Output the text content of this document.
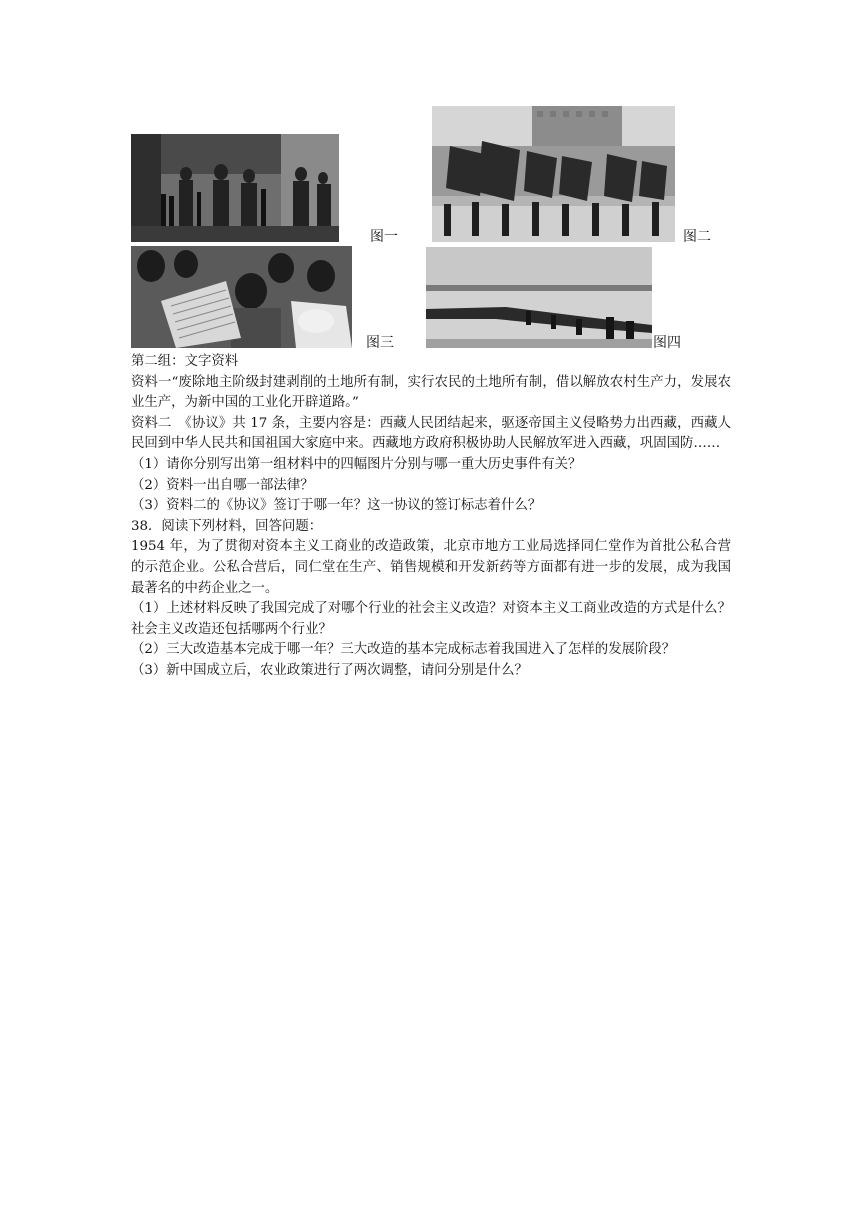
图一	图二
图三	图四

第二组：文字资料

资料一“废除地主阶级封建剥削的土地所有制，实行农民的土地所有制，借以解放农村生产力，发展农业生产，为新中国的工业化开辟道路。”

资料二　《协议》共 17 条，主要内容是：西藏人民团结起来，驱逐帝国主义侵略势力出西藏，西藏人民回到中华人民共和国祖国大家庭中来。西藏地方政府积极协助人民解放军进入西藏，巩固国防……

（1）请你分别写出第一组材料中的四幅图片分别与哪一重大历史事件有关？

（2）资料一出自哪一部法律？

（3）资料二的《协议》签订于哪一年？这一协议的签订标志着什么？

38．阅读下列材料，回答问题：

1954 年，为了贯彻对资本主义工商业的改造政策，北京市地方工业局选择同仁堂作为首批公私合营的示范企业。公私合营后，同仁堂在生产、销售规模和开发新药等方面都有进一步的发展，成为我国最著名的中药企业之一。

（1）上述材料反映了我国完成了对哪个行业的社会主义改造？对资本主义工商业改造的方式是什么？社会主义改造还包括哪两个行业？

（2）三大改造基本完成于哪一年？三大改造的基本完成标志着我国进入了怎样的发展阶段？

（3）新中国成立后，农业政策进行了两次调整，请问分别是什么？
